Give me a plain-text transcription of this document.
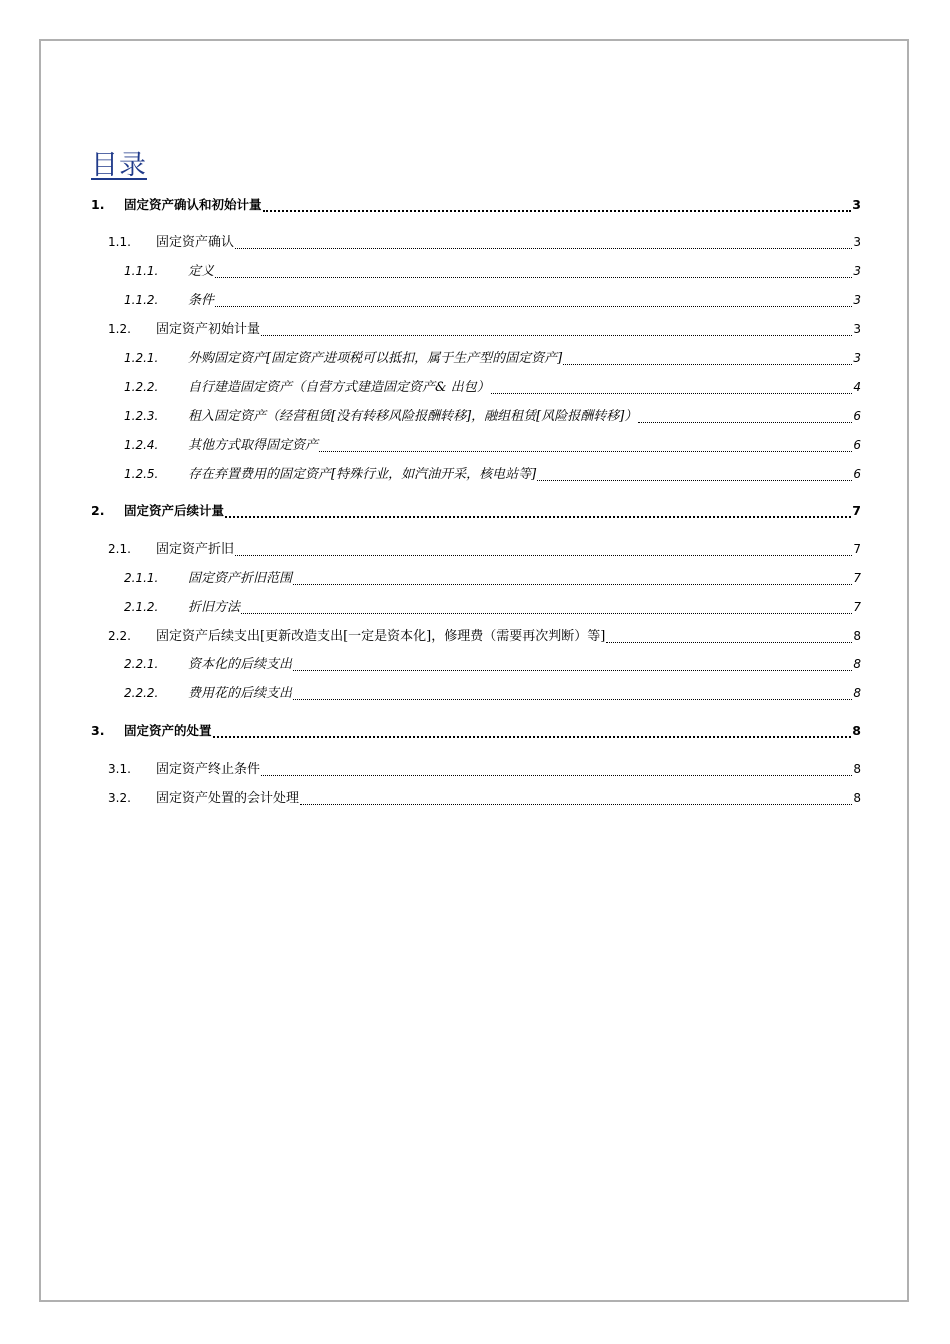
目录
1.	固定资产确认和初始计量	3
1.1.	固定资产确认	3
1.1.1.	定义	3
1.1.2.	条件	3
1.2.	固定资产初始计量	3
1.2.1.	外购固定资产[固定资产进项税可以抵扣，属于生产型的固定资产]	3
1.2.2.	自行建造固定资产（自营方式建造固定资产& 出包）	4
1.2.3.	租入固定资产（经营租赁[没有转移风险报酬转移]，融组租赁[风险报酬转移]）	6
1.2.4.	其他方式取得固定资产	6
1.2.5.	存在弃置费用的固定资产[特殊行业，如汽油开采，核电站等]	6
2.	固定资产后续计量	7
2.1.	固定资产折旧	7
2.1.1.	固定资产折旧范围	7
2.1.2.	折旧方法	7
2.2.	固定资产后续支出[更新改造支出[一定是资本化]，修理费（需要再次判断）等]	8
2.2.1.	资本化的后续支出	8
2.2.2.	费用花的后续支出	8
3.	固定资产的处置	8
3.1.	固定资产终止条件	8
3.2.	固定资产处置的会计处理	8
